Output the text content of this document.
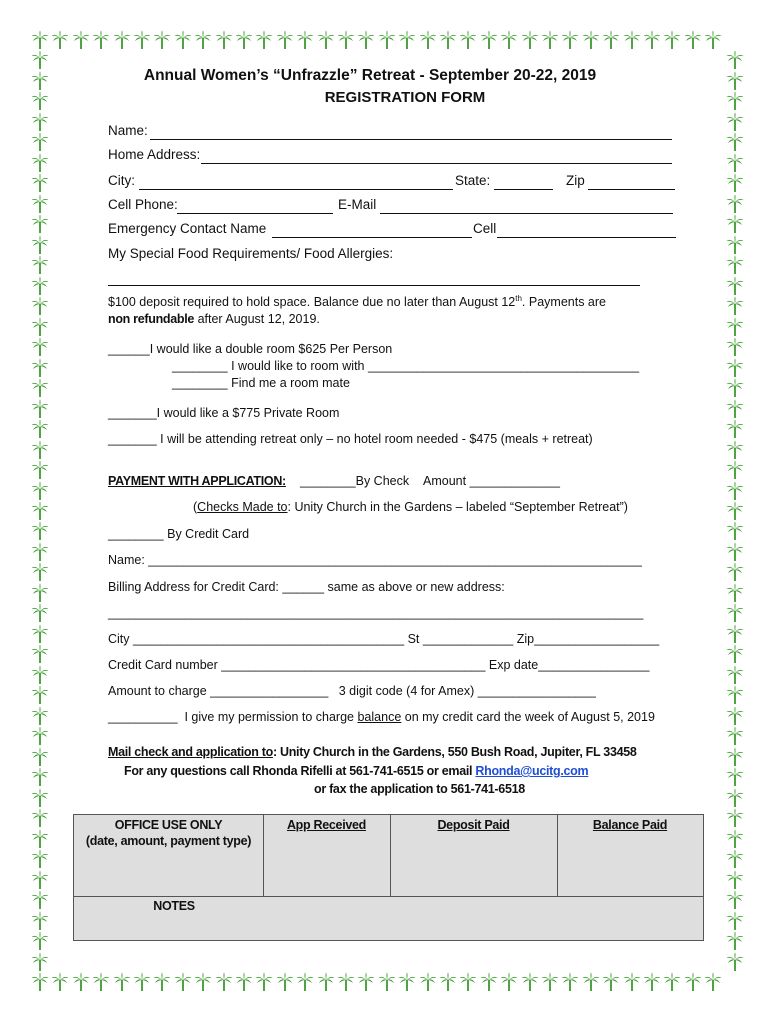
Annual Women’s “Unfrazzle” Retreat - September 20-22, 2019
REGISTRATION FORM
Name:
Home Address:
City:	State:	Zip
Cell Phone:	E-Mail
Emergency Contact Name	Cell
My Special Food Requirements/ Food Allergies:
$100 deposit required to hold space. Balance due no later than August 12th. Payments are
non refundable after August 12, 2019.
______I would like a double room $625 Per Person
________ I would like to room with _______________________________________
________ Find me a room mate
_______I would like a $775 Private Room
_______ I will be attending retreat only – no hotel room needed - $475 (meals + retreat)
PAYMENT WITH APPLICATION: ________By Check Amount _____________
(Checks Made to: Unity Church in the Gardens – labeled “September Retreat”)
________ By Credit Card
Name: _______________________________________________________________________
Billing Address for Credit Card: ______ same as above or new address:
_____________________________________________________________________________
City _______________________________________ St _____________ Zip__________________
Credit Card number ______________________________________ Exp date________________
Amount to charge _________________ 3 digit code (4 for Amex) _________________
__________ I give my permission to charge balance on my credit card the week of August 5, 2019
Mail check and application to: Unity Church in the Gardens, 550 Bush Road, Jupiter, FL 33458
For any questions call Rhonda Rifelli at 561-741-6515 or email Rhonda@ucitg.com
or fax the application to 561-741-6518
OFFICE USE ONLY
(date, amount, payment type)
App Received	Deposit Paid	Balance Paid
NOTES
